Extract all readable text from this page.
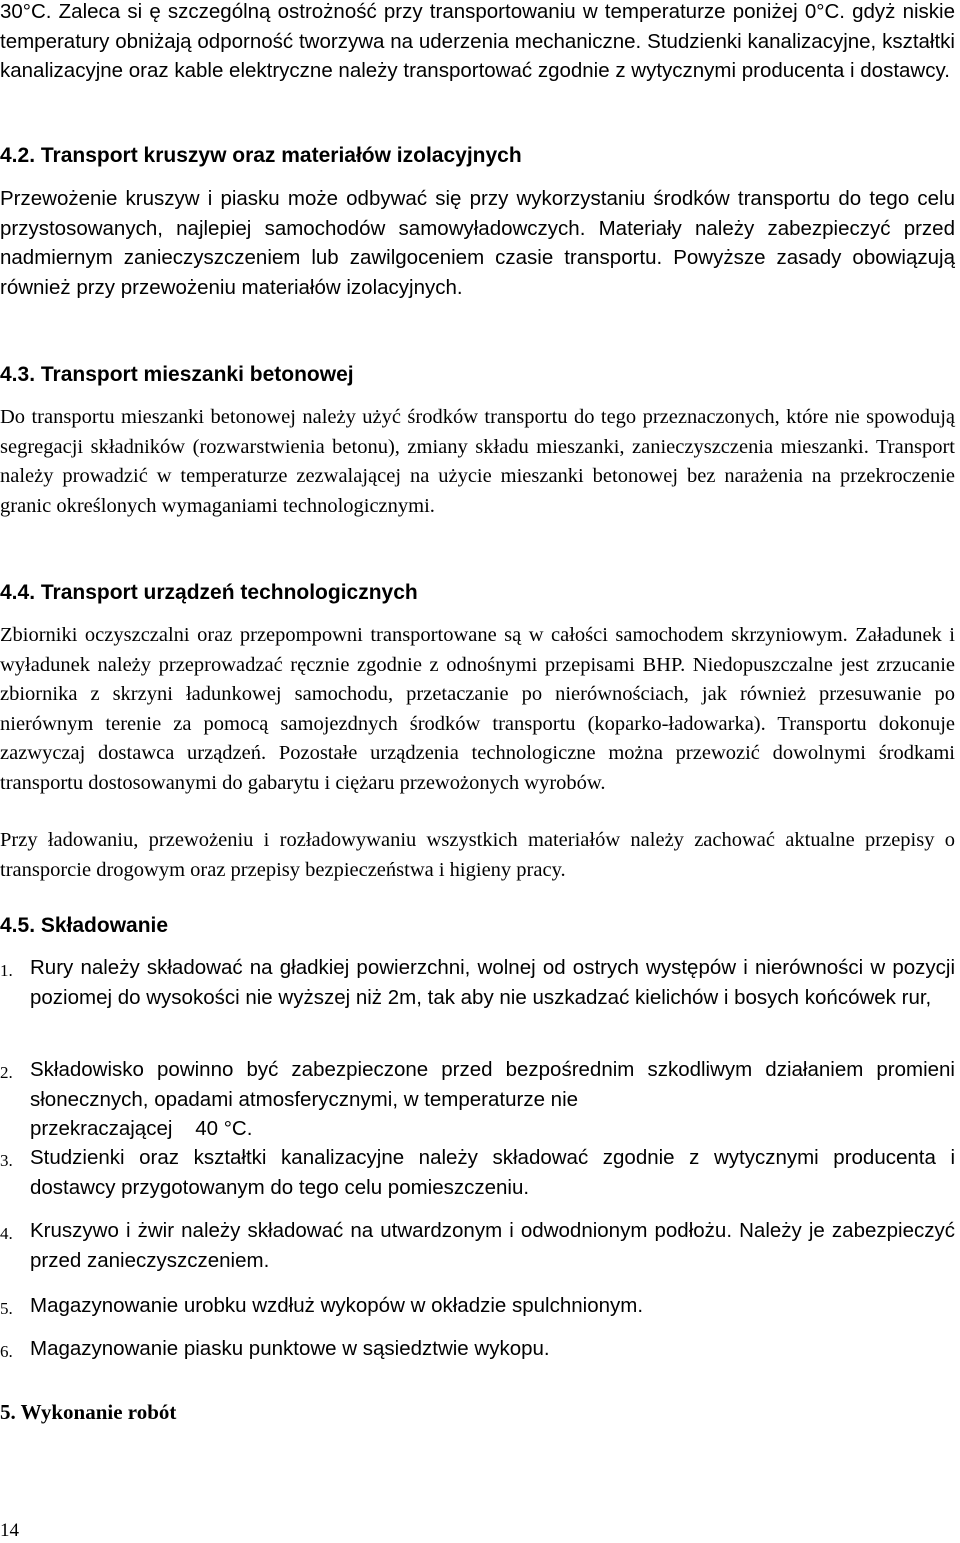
30°C. Zaleca si ę szczególną ostrożność przy transportowaniu w temperaturze poniżej 0°C. gdyż niskie temperatury obniżają odporność tworzywa na uderzenia mechaniczne. Studzienki kanalizacyjne, kształtki kanalizacyjne oraz kable elektryczne należy transportować zgodnie z wytycznymi producenta i dostawcy.

4.2. Transport kruszyw oraz materiałów izolacyjnych

Przewożenie kruszyw i piasku może odbywać się przy wykorzystaniu środków transportu do tego celu przystosowanych, najlepiej samochodów samowyładowczych. Materiały należy zabezpieczyć przed nadmiernym zanieczyszczeniem lub zawilgoceniem czasie transportu. Powyższe zasady obowiązują również przy przewożeniu materiałów izolacyjnych.

4.3. Transport mieszanki betonowej

Do transportu mieszanki betonowej należy użyć środków transportu do tego przeznaczonych, które nie spowodują segregacji składników (rozwarstwienia betonu), zmiany składu mieszanki, zanieczyszczenia mieszanki. Transport należy prowadzić w temperaturze zezwalającej na użycie mieszanki betonowej bez narażenia na przekroczenie granic określonych wymaganiami technologicznymi.

4.4. Transport urządzeń technologicznych

Zbiorniki oczyszczalni oraz przepompowni transportowane są w całości samochodem skrzyniowym. Załadunek i wyładunek należy przeprowadzać ręcznie zgodnie z odnośnymi przepisami BHP. Niedopuszczalne jest zrzucanie zbiornika z skrzyni ładunkowej samochodu, przetaczanie po nierównościach, jak również przesuwanie po nierównym terenie za pomocą samojezdnych środków transportu (koparko-ładowarka). Transportu dokonuje zazwyczaj dostawca urządzeń. Pozostałe urządzenia technologiczne można przewozić dowolnymi środkami transportu dostosowanymi do gabarytu i ciężaru przewożonych wyrobów.

Przy ładowaniu, przewożeniu i rozładowywaniu wszystkich materiałów należy zachować aktualne przepisy o transporcie drogowym oraz przepisy bezpieczeństwa i higieny pracy.

4.5. Składowanie
1. Rury należy składować na gładkiej powierzchni, wolnej od ostrych występów i nierówności w pozycji poziomej do wysokości nie wyższej niż 2m, tak aby nie uszkadzać kielichów i bosych końcówek rur,

2. Składowisko powinno być zabezpieczone przed bezpośrednim szkodliwym działaniem promieni słonecznych, opadami atmosferycznymi, w temperaturze nie
przekraczającej    40 °C.

3. Studzienki oraz kształtki kanalizacyjne należy składować zgodnie z wytycznymi producenta i dostawcy przygotowanym do tego celu pomieszczeniu.

4. Kruszywo i żwir należy składować na utwardzonym i odwodnionym podłożu. Należy je zabezpieczyć przed zanieczyszczeniem.

5. Magazynowanie urobku wzdłuż wykopów w okładzie spulchnionym.

6. Magazynowanie piasku punktowe w sąsiedztwie wykopu.

5. Wykonanie robót

14
